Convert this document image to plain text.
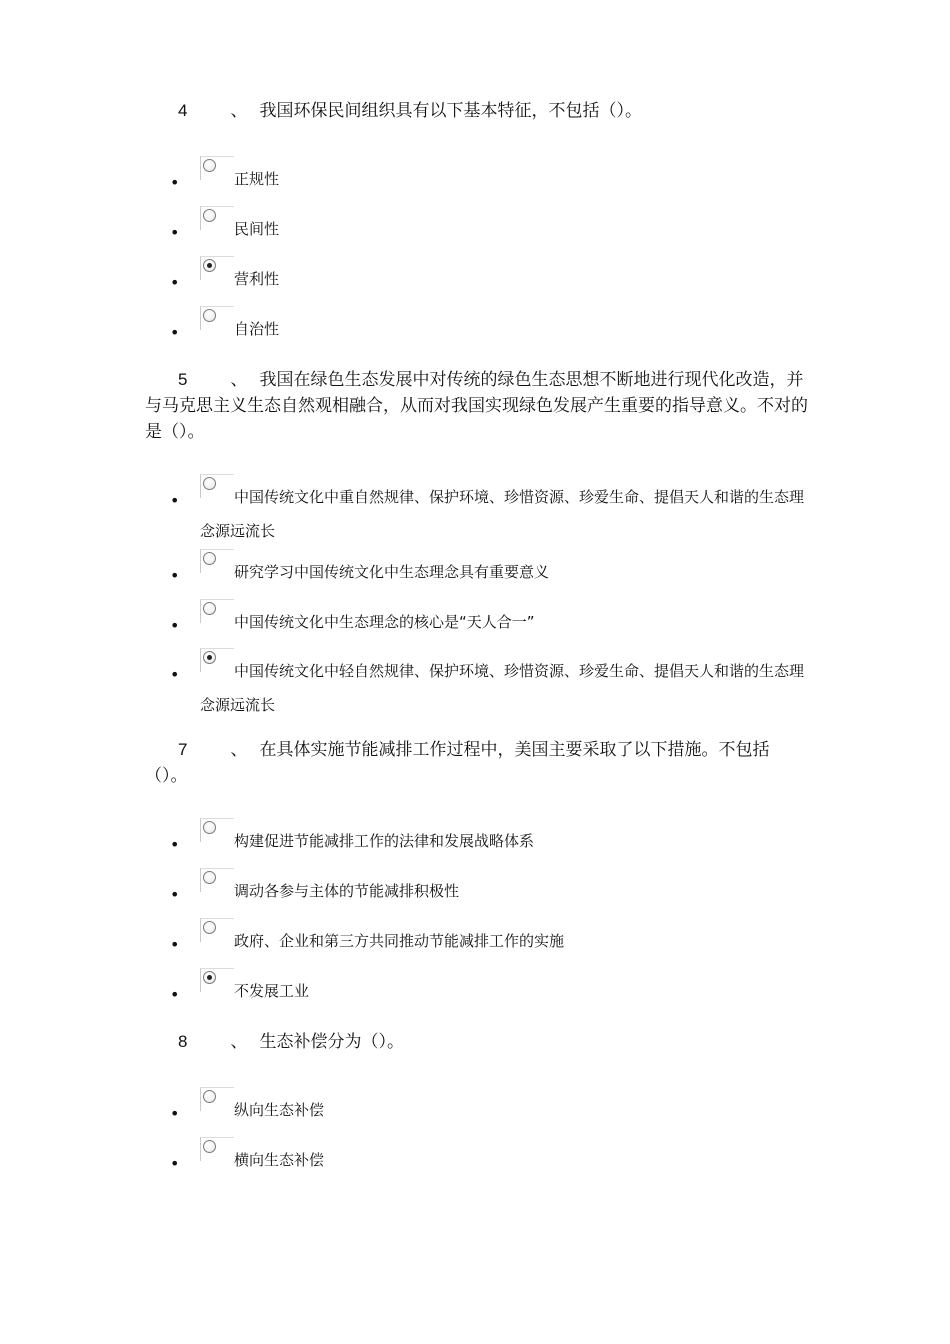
4	、 我国环保民间组织具有以下基本特征，不包括（）。

•

正规性

•

民间性

•

营利性

•

自治性

5	、 我国在绿色生态发展中对传统的绿色生态思想不断地进行现代化改造，并与马克思主义生态自然观相融合，从而对我国实现绿色发展产生重要的指导意义。不对的是（）。

•

中国传统文化中重自然规律、保护环境、珍惜资源、珍爱生命、提倡天人和谐的生态理念源远流长

•

研究学习中国传统文化中生态理念具有重要意义

•

中国传统文化中生态理念的核心是“天人合一”

•

中国传统文化中轻自然规律、保护环境、珍惜资源、珍爱生命、提倡天人和谐的生态理念源远流长

7	、 在具体实施节能减排工作过程中，美国主要采取了以下措施。不包括（）。

•

构建促进节能减排工作的法律和发展战略体系

•

调动各参与主体的节能减排积极性

•

政府、企业和第三方共同推动节能减排工作的实施

•

不发展工业

8	、 生态补偿分为（）。

•

纵向生态补偿

•

横向生态补偿
